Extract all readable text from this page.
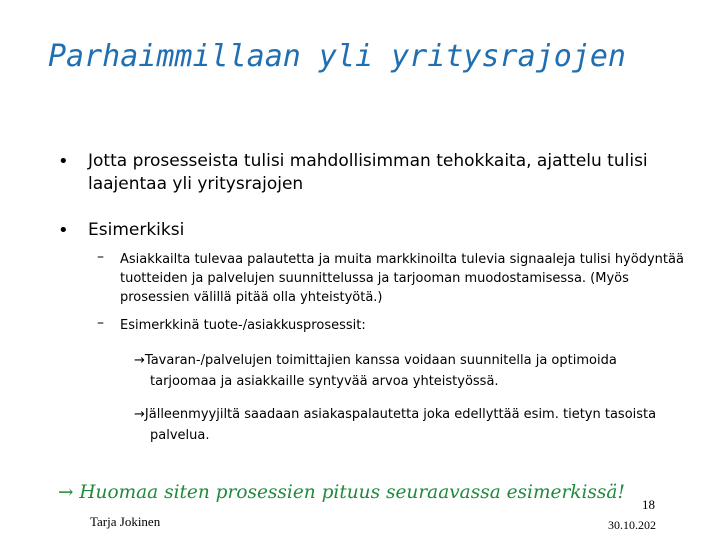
Parhaimmillaan yli yritysrajojen
• Jotta prosesseista tulisi mahdollisimman tehokkaita, ajattelu tulisi laajentaa yli yritysrajojen
• Esimerkiksi
– Asiakkailta tulevaa palautetta ja muita markkinoilta tulevia signaaleja tulisi hyödyntää tuotteiden ja palvelujen suunnittelussa ja tarjooman muodostamisessa. (Myös prosessien välillä pitää olla yhteistyötä.)
– Esimerkkinä tuote-/asiakkusprosessit:
→Tavaran-/palvelujen toimittajien kanssa voidaan suunnitella ja optimoida tarjoomaa ja asiakkaille syntyvää arvoa yhteistyössä.
→Jälleenmyyjiltä saadaan asiakaspalautetta joka edellyttää esim. tietyn tasoista palvelua.
→ Huomaa siten prosessien pituus seuraavassa esimerkissä!
Tarja Jokinen
18
30.10.202
